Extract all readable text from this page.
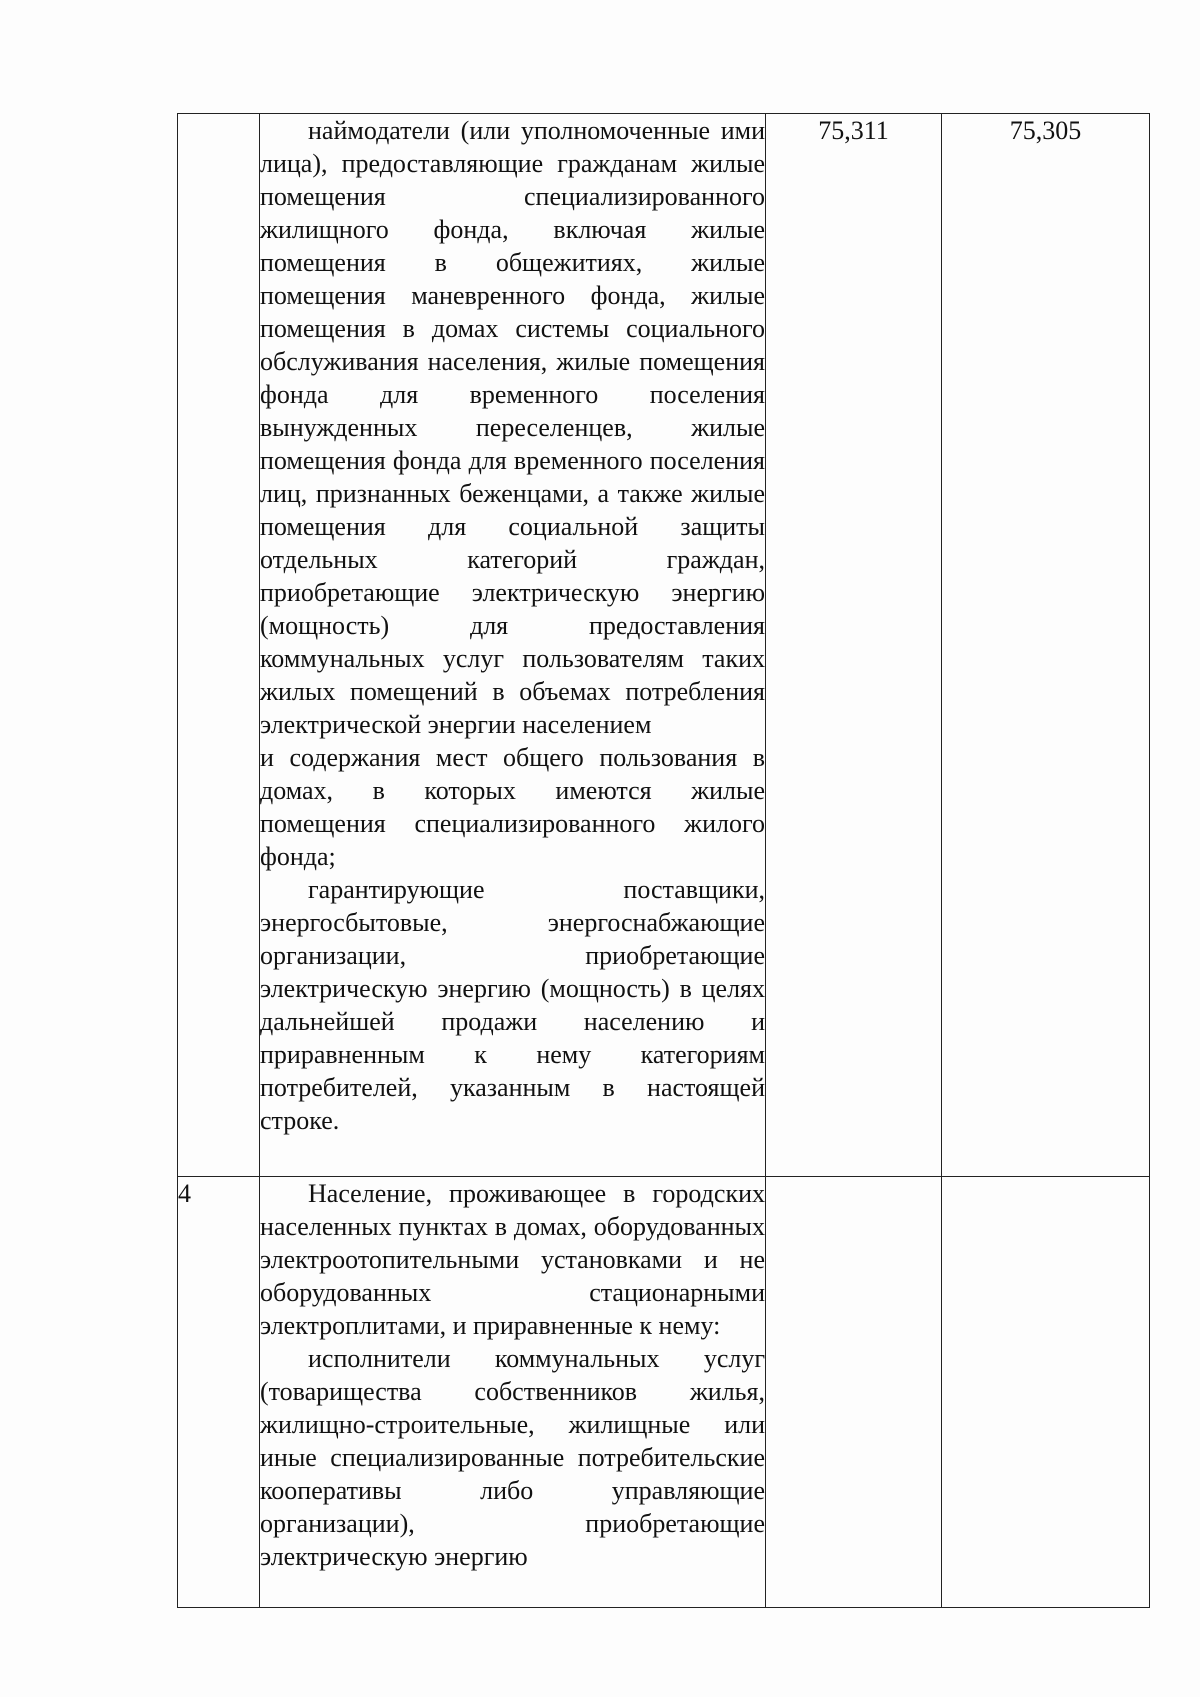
	наймодатели (или уполномоченные ими лица), предоставляющие гражданам жилые помещения специализированного жилищного фонда, включая жилые помещения в общежитиях, жилые помещения маневренного фонда, жилые помещения в домах системы социального обслуживания населения, жилые помещения фонда для временного поселения вынужденных переселенцев, жилые помещения фонда для временного поселения лиц, признанных беженцами, а также жилые помещения для социальной защиты отдельных категорий граждан, приобретающие электрическую энергию (мощность) для предоставления коммунальных услуг пользователям таких жилых помещений в объемах потребления электрической энергии населением
и содержания мест общего пользования в домах, в которых имеются жилые помещения специализированного жилого фонда;
гарантирующие поставщики, энергосбытовые, энергоснабжающие организации, приобретающие электрическую энергию (мощность) в целях дальнейшей продажи населению и приравненным к нему категориям потребителей, указанным в настоящей строке.	75,311	75,305
4	Население, проживающее в городских населенных пунктах в домах, оборудованных электроотопительными установками и не оборудованных стационарными электроплитами, и приравненные к нему:
исполнители коммунальных услуг (товарищества собственников жилья, жилищно-строительные, жилищные или иные специализированные потребительские кооперативы либо управляющие организации), приобретающие электрическую энергию		
